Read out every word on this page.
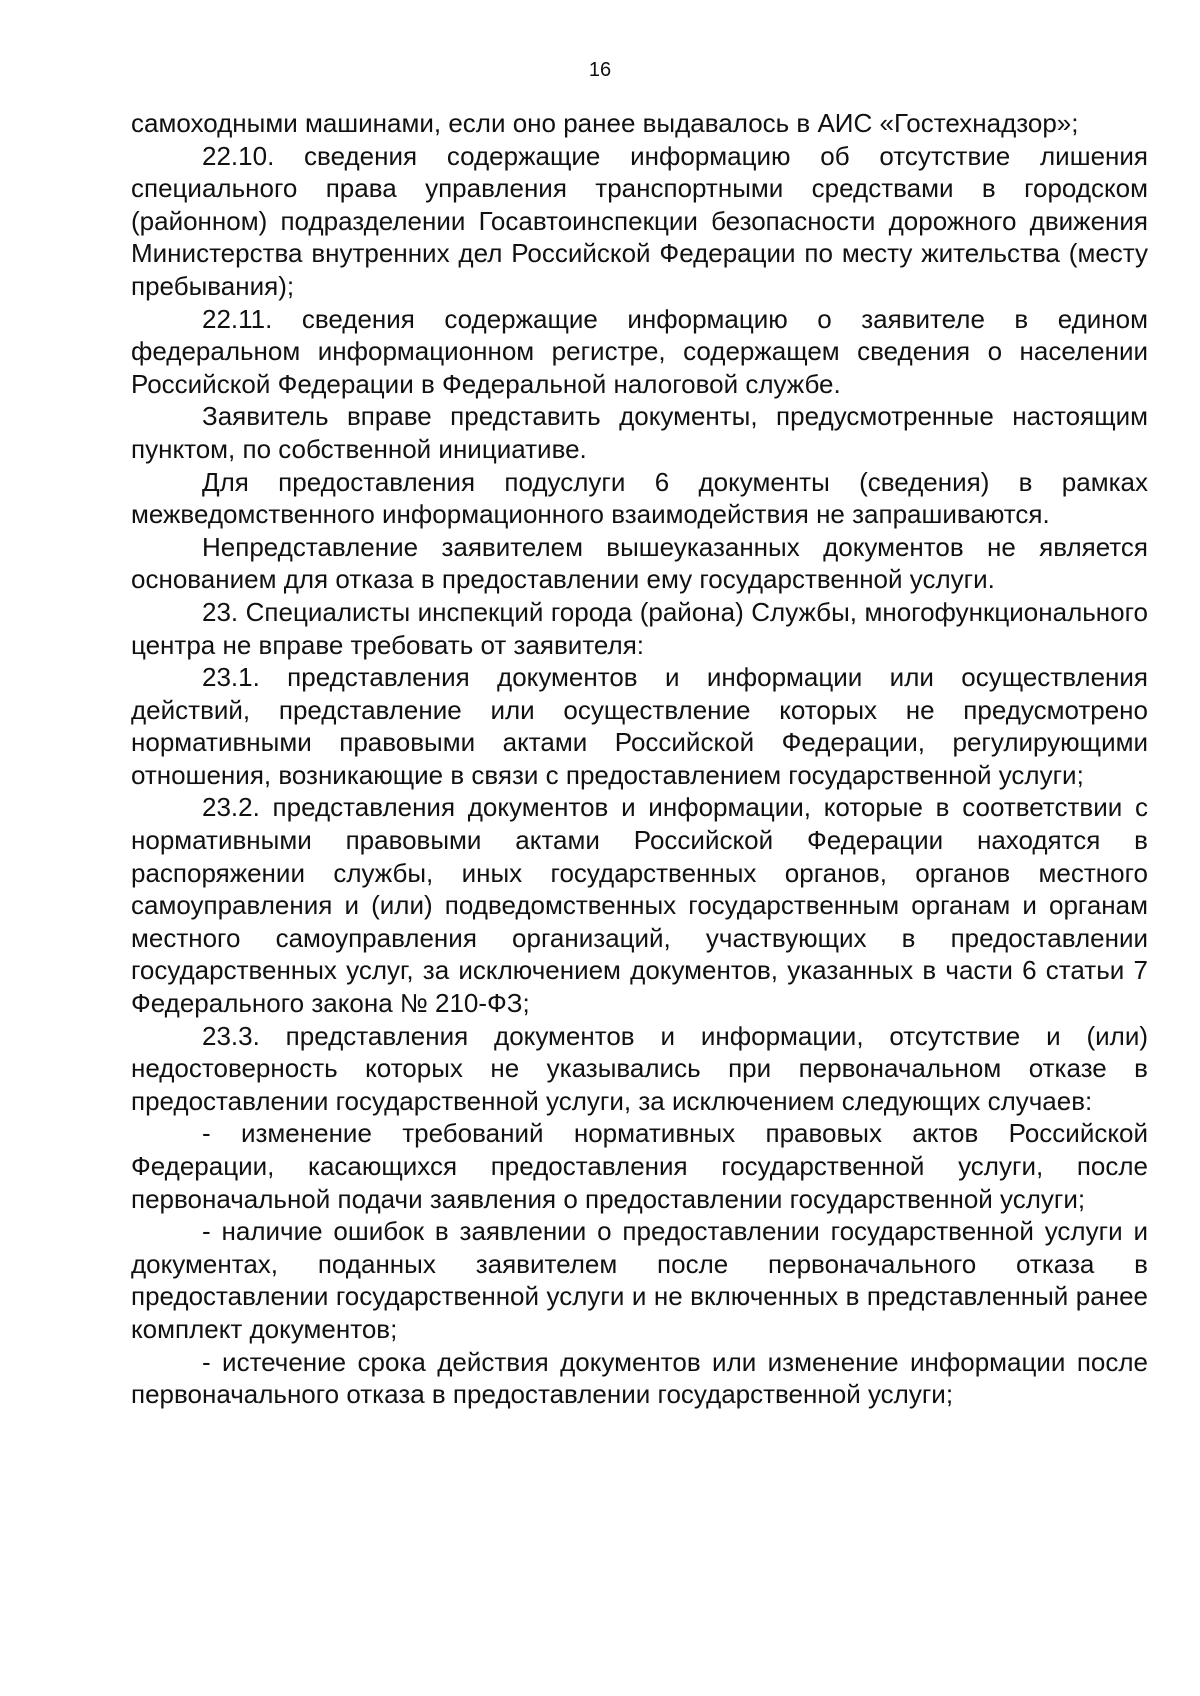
16

самоходными машинами, если оно ранее выдавалось в АИС «Гостехнадзор»;

22.10. сведения содержащие информацию об отсутствие лишения специального права управления транспортными средствами в городском (районном) подразделении Госавтоинспекции безопасности дорожного движения Министерства внутренних дел Российской Федерации по месту жительства (месту пребывания);

22.11. сведения содержащие информацию о заявителе в едином федеральном информационном регистре, содержащем сведения о населении Российской Федерации в Федеральной налоговой службе.

Заявитель вправе представить документы, предусмотренные настоящим пунктом, по собственной инициативе.

Для предоставления подуслуги 6 документы (сведения) в рамках межведомственного информационного взаимодействия не запрашиваются.

Непредставление заявителем вышеуказанных документов не является основанием для отказа в предоставлении ему государственной услуги.

23. Специалисты инспекций города (района) Службы, многофункционального центра не вправе требовать от заявителя:

23.1. представления документов и информации или осуществления действий, представление или осуществление которых не предусмотрено нормативными правовыми актами Российской Федерации, регулирующими отношения, возникающие в связи с предоставлением государственной услуги;

23.2. представления документов и информации, которые в соответствии с нормативными правовыми актами Российской Федерации находятся в распоряжении службы, иных государственных органов, органов местного самоуправления и (или) подведомственных государственным органам и органам местного самоуправления организаций, участвующих в предоставлении государственных услуг, за исключением документов, указанных в части 6 статьи 7 Федерального закона № 210-ФЗ;

23.3. представления документов и информации, отсутствие и (или) недостоверность которых не указывались при первоначальном отказе в предоставлении государственной услуги, за исключением следующих случаев:

- изменение требований нормативных правовых актов Российской Федерации, касающихся предоставления государственной услуги, после первоначальной подачи заявления о предоставлении государственной услуги;

- наличие ошибок в заявлении о предоставлении государственной услуги и документах, поданных заявителем после первоначального отказа в предоставлении государственной услуги и не включенных в представленный ранее комплект документов;

- истечение срока действия документов или изменение информации после первоначального отказа в предоставлении государственной услуги;
